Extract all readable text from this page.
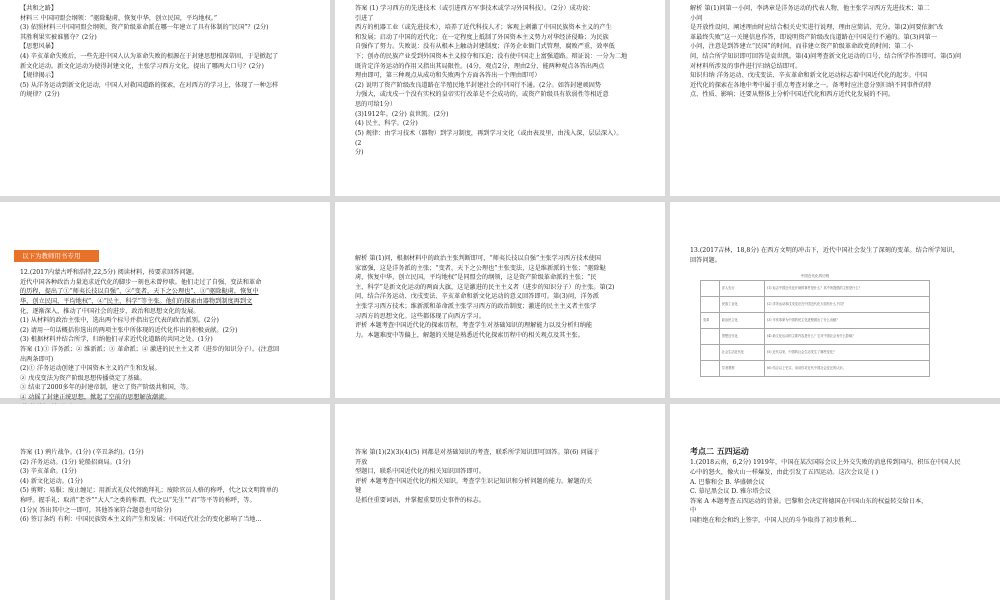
【共和之路】
材料三 中国同盟会纲领：“驱除鞑虏，恢复中华，创立民国，平均地权。”
(3) 依照材料三中国同盟会纲领，资产阶级革命派在哪一年建立了具有体制的“民国”？(2分)
其胜利果实被谁篡夺？(2分)
【思想风暴】
(4) 辛亥革命失败后，一些先进中国人认为革命失败的根源在于封建思想根深蒂固，于是掀起了
新文化运动。新文化运动为使得封建文化，主张学习西方文化，提出了哪两大口号？(2分)
【规律揭示】
(5) 从洋务运动到新文化运动，中国人对救国道路的探索，在对西方的学习上，体现了一种怎样
的规律？(2分)
答案 (1) 学习西方的先进技术（或引进西方军事技术或学习外国科技）。（2分）成功说：
引进了
西方的机器工业（或先进技术），培养了近代科技人才；客观上刺激了中国民族资本主义的产生
和发展；启动了中国的近代化；在一定程度上抵制了外国资本主义势力对华经济侵略；为民族
自强作了努力。失败说：没有从根本上触动封建制度；洋务企业衙门式管理，腐败严重，效率低
下；创办的民族产业受到外国资本主义掠夺和压迫；没有使中国走上富强道路。辩证说：一分为二地
既肯定洋务运动的作用又指出其局限性。(4分，观点2分，理由2分，能两种观点各答出两点
理由即可，第三种观点从成功和失败两个方面各答出一个理由即可）
(2) 说明了资产阶级改良道路在半殖民地半封建社会的中国行不通。(2分。如答封建顽固势
力强大，或戊戌一个没有实权的皇帝实行改革是不会成功的，或资产阶级具有软弱性等相近意
思的可给1分）
(3)1912年。(2分) 袁世凯。(2分)
(4) 民主，科学。(2分)
(5) 规律：由学习技术（器物）到学习制度，再到学习文化（或由表及里，由浅入深，层层深入）。
(2
分)
解析 第(1)问第一小问，李鸿章是洋务运动的代表人物，他主张学习西方先进技术；第二
小问
是开放性设问，阐述理由时应结合相关史实进行说理，理由应简洁、充分。第(2)问要依据“改
革最终失败”这一关键信息作答，即说明资产阶级改良道路在中国是行不通的。第(3)问第一
小问，注意是到答建立“民国”的时间，而非建立资产阶级革命政党的时间；第二小
问，结合所学知识即可回答是袁世凯。第(4)问考查新文化运动的口号，结合所学作答即可。第(5)问
对材料所涉及的事件进行归纳总结即可。
知识归纳 洋务运动、戊戌变法、辛亥革命和新文化运动标志着中国近代化的起步。中国
近代化的探索在各地中考中属于重点考查对象之一。备考时应注意分别归纳不同事件的特
点、性质、影响；还要从整体上分析中国近代化和西方近代化发展的不同。
以下为教师用书专用
12.(2017内蒙古呼和浩特,22,5分) 阅读材料，按要求回答问题。
近代中国各种政治力量追求近代化的脚步一刻也未曾停歇。他们走过了自强、变法和革命
的历程，提出了①“师夷长技以自强”、②“变者，天下之公理也”、③“驱除鞑虏，恢复中
华，创立民国，平均地权”、④“民主，科学”等主张。他们的探索由器物到制度再到文
化，逐渐深入，推动了中国社会的进步，政治和思想文化的发展。
(1) 从材料的政治主张中，选出两个标号并指出它代表的政治派别。(2分)
(2) 请用一句话概括你选出的两项主张中所体现的近代化作出的积极贡献。(2分)
(3) 根据材料并结合所学，归纳他们寻求近代化道路的共同之处。(1分)
答案 (1)① 洋务派；② 维新派；③ 革命派；④ 激进的民主主义者（进步的知识分子）。(注意回
出两条即可)
(2)① 洋务运动创建了中国资本主义的产生和发展。
② 戊戌变法为资产阶级思想传播奠定了基础。
③ 结束了2000多年的封建帝制，建立了资产阶级共和国，等。
④ 动摇了封建正统思想，掀起了空前的思想解放潮流。
解析 第(1)问，根据材料中的政治主张判断即可，“师夷长技以自强”主张学习西方技术使国
家富强，这是洋务派的主张；“变者，天下之公理也”主张变法，这是维新派的主张；“驱除鞑
虏，恢复中华，创立民国，平均地权”是同盟会的纲领，这是资产阶级革命派的主张；“民
主，科学”是新文化运动的两面大旗，这是激进的民主主义者（进步的知识分子）的主张。第(2)
问，结合洋务运动、戊戌变法、辛亥革命和新文化运动的意义回答即可。第(3)问，洋务派
主张学习西方技术；维新派和革命派主张学习西方的政治制度；激进的民主主义者主张学
习西方的思想文化。这些都体现了向西方学习。
评析 本题考查中国近代化的探索历程，考查学生对基础知识的理解能力以及分析归纳能
力。本题难度中等偏上，解题的关键是熟悉近代化探索历程中的相关观点及其主张。
13.(2017吉林，18,8分) 在西方文明的冲击下，近代中国社会发生了深刻的变革。结合所学知识，
回答问题。
中国近代化的历程		
	洋人先行	(1) 标志中国近代化开始的事件是什么？其中所提倡的主张是什么？
	民族工业化	(2) 洋务运动和戊戌变法在中国近代化方面有什么不同？
变革	政治民主化	(3) 辛亥革命为中国的民主化进程做出了什么贡献？
	思想近代化	(4) 新文化运动的主要内容是什么？它对中国社会有什么影响？
	社会生活近代化	(5) 近代以来，中国的社会生活发生了哪些变化？
	学者观察	(6) 结合以上史实，谈谈你对近代中国社会变迁的认识。
答案 (1) 鸦片战争。(1分) (辛丑条约)。(1分)
(2) 洋务运动。(1分) 轮船招商局。(1分)
(3) 辛亥革命。(1分)
(4) 新文化运动。(1分)
(5) 剪辫；易服；废止缠足；用新式礼仪代替跪拜礼；废除官员人格的称呼，代之以文明简单的
称呼。握手礼；取消“老爷”“大人”之类的称谓，代之以“先生”“君”等平等的称呼，等。
(1分)( 答出其中之一即可，其他答案符合题意也可给分)
(6) 签订条约 有利：中国民族资本主义的产生和发展；中国近代社会的变化影响了当地...
答案 第(1)(2)(3)(4)(5) 问都是对基础知识的考查，联系所学知识即可回答。第(6) 问属于
开放
型题目，联系中国近代化的相关知识回答即可。
评析 本题考查中国近代化的相关知识，考查学生识记知识和分析问题的能力。解题的关
键
是抓住重要词语，并掌握重要历史事件的标志。
考点二 五四运动
1.(2018云南，6,2分) 1919年，中国在某次国际会议上外交失败的消息传到国内，积压在中国人民
心中的怒火，像火山一样爆发，由此引发了五四运动。这次会议是 ( )
A. 巴黎和会 B. 华盛顿会议
C. 慕尼黑会议 D. 雅尔塔会议
答案 A 本题考查五四运动的背景。巴黎和会决定将德国在中国山东的权益转交给日本，
中
国拒绝在和会和约上签字，中国人民的斗争取得了初步胜利...
